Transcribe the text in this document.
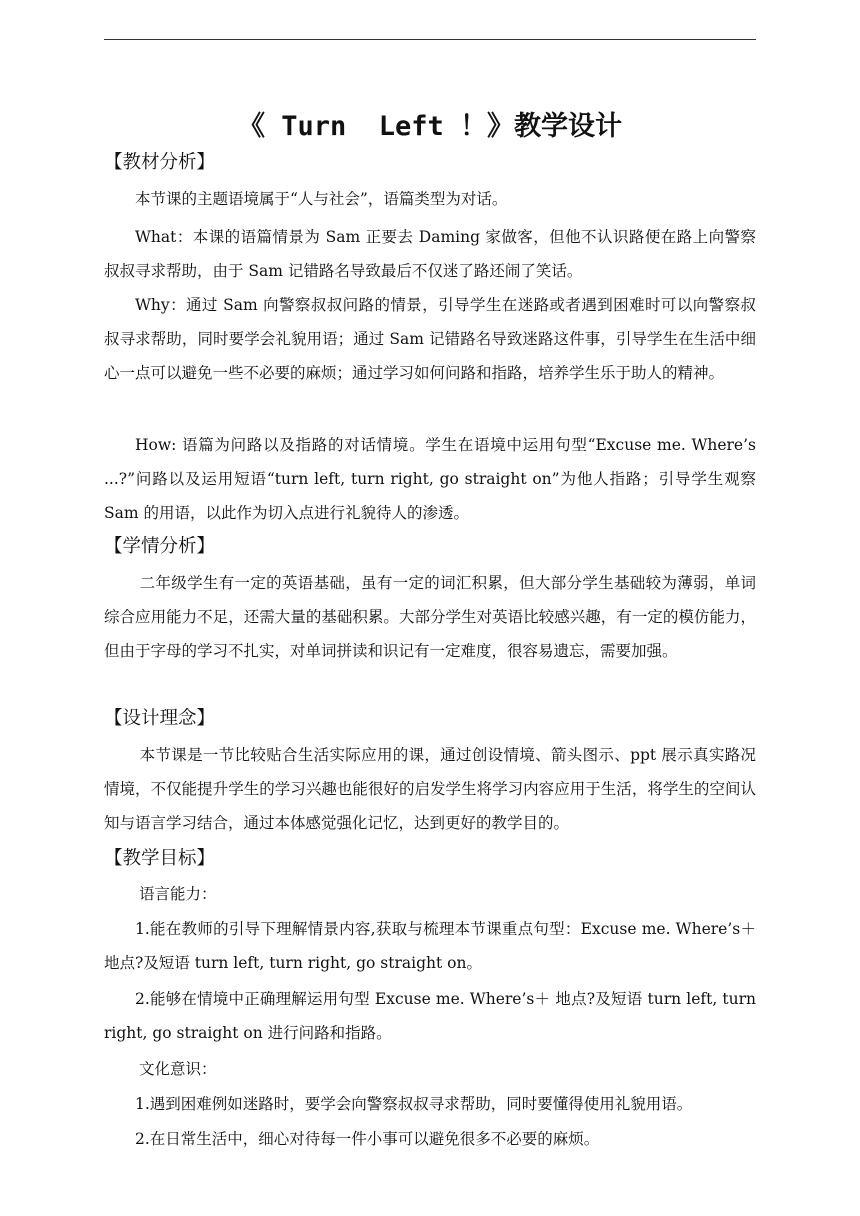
《 Turn  Left ！》教学设计
【教材分析】

本节课的主题语境属于“人与社会”，语篇类型为对话。

What：本课的语篇情景为 Sam 正要去 Daming 家做客，但他不认识路便在路上向警察叔叔寻求帮助，由于 Sam 记错路名导致最后不仅迷了路还闹了笑话。

Why：通过 Sam 向警察叔叔问路的情景，引导学生在迷路或者遇到困难时可以向警察叔叔寻求帮助，同时要学会礼貌用语；通过 Sam 记错路名导致迷路这件事，引导学生在生活中细心一点可以避免一些不必要的麻烦；通过学习如何问路和指路，培养学生乐于助人的精神。

How: 语篇为问路以及指路的对话情境。学生在语境中运用句型“Excuse me. Where’s ...?”问路以及运用短语“turn left, turn right, go straight on”为他人指路；引导学生观察 Sam 的用语，以此作为切入点进行礼貌待人的渗透。

【学情分析】

二年级学生有一定的英语基础，虽有一定的词汇积累，但大部分学生基础较为薄弱，单词综合应用能力不足，还需大量的基础积累。大部分学生对英语比较感兴趣，有一定的模仿能力，但由于字母的学习不扎实，对单词拼读和识记有一定难度，很容易遗忘，需要加强。

【设计理念】

本节课是一节比较贴合生活实际应用的课，通过创设情境、箭头图示、ppt 展示真实路况情境，不仅能提升学生的学习兴趣也能很好的启发学生将学习内容应用于生活，将学生的空间认知与语言学习结合，通过本体感觉强化记忆，达到更好的教学目的。

【教学目标】
语言能力：

1.能在教师的引导下理解情景内容,获取与梳理本节课重点句型：Excuse me. Where’s＋ 地点?及短语 turn left, turn right, go straight on。

2.能够在情境中正确理解运用句型 Excuse me. Where’s＋ 地点?及短语 turn left, turn right, go straight on 进行问路和指路。

文化意识：

1.遇到困难例如迷路时，要学会向警察叔叔寻求帮助，同时要懂得使用礼貌用语。

2.在日常生活中，细心对待每一件小事可以避免很多不必要的麻烦。
